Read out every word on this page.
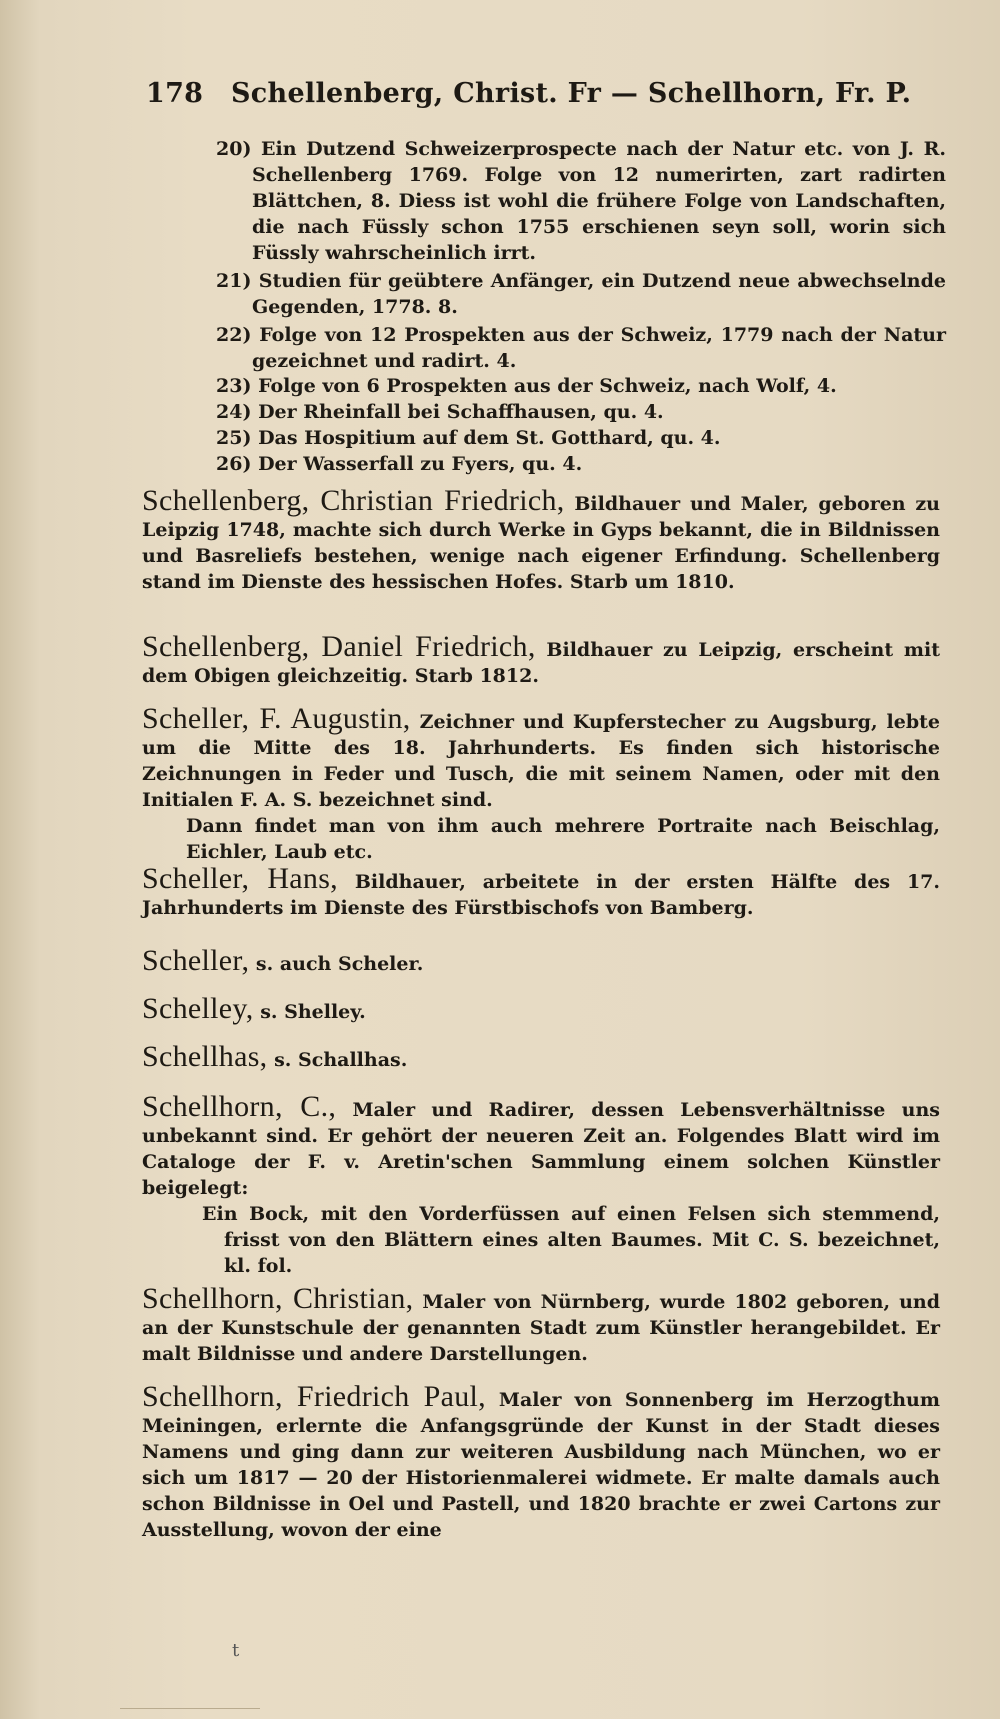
178 Schellenberg, Christ. Fr — Schellhorn, Fr. P.
20) Ein Dutzend Schweizerprospecte nach der Natur etc. von J. R. Schellenberg 1769. Folge von 12 numerirten, zart radirten Blättchen, 8. Diess ist wohl die frühere Folge von Landschaften, die nach Füssly schon 1755 erschienen seyn soll, worin sich Füssly wahrscheinlich irrt.
21) Studien für geübtere Anfänger, ein Dutzend neue abwechselnde Gegenden, 1778. 8.
22) Folge von 12 Prospekten aus der Schweiz, 1779 nach der Natur gezeichnet und radirt. 4.
23) Folge von 6 Prospekten aus der Schweiz, nach Wolf, 4.
24) Der Rheinfall bei Schaffhausen, qu. 4.
25) Das Hospitium auf dem St. Gotthard, qu. 4.
26) Der Wasserfall zu Fyers, qu. 4.
Schellenberg, Christian Friedrich, Bildhauer und Maler, geboren zu Leipzig 1748, machte sich durch Werke in Gyps bekannt, die in Bildnissen und Basreliefs bestehen, wenige nach eigener Erfindung. Schellenberg stand im Dienste des hessischen Hofes. Starb um 1810.
Schellenberg, Daniel Friedrich, Bildhauer zu Leipzig, erscheint mit dem Obigen gleichzeitig. Starb 1812.
Scheller, F. Augustin, Zeichner und Kupferstecher zu Augsburg, lebte um die Mitte des 18. Jahrhunderts. Es finden sich historische Zeichnungen in Feder und Tusch, die mit seinem Namen, oder mit den Initialen F. A. S. bezeichnet sind.
Dann findet man von ihm auch mehrere Portraite nach Beischlag, Eichler, Laub etc.
Scheller, Hans, Bildhauer, arbeitete in der ersten Hälfte des 17. Jahrhunderts im Dienste des Fürstbischofs von Bamberg.
Scheller, s. auch Scheler.
Schelley, s. Shelley.
Schellhas, s. Schallhas.
Schellhorn, C., Maler und Radirer, dessen Lebensverhältnisse uns unbekannt sind. Er gehört der neueren Zeit an. Folgendes Blatt wird im Cataloge der F. v. Aretin'schen Sammlung einem solchen Künstler beigelegt:
Ein Bock, mit den Vorderfüssen auf einen Felsen sich stemmend, frisst von den Blättern eines alten Baumes. Mit C. S. bezeichnet, kl. fol.
Schellhorn, Christian, Maler von Nürnberg, wurde 1802 geboren, und an der Kunstschule der genannten Stadt zum Künstler herangebildet. Er malt Bildnisse und andere Darstellungen.
Schellhorn, Friedrich Paul, Maler von Sonnenberg im Herzogthum Meiningen, erlernte die Anfangsgründe der Kunst in der Stadt dieses Namens und ging dann zur weiteren Ausbildung nach München, wo er sich um 1817 — 20 der Historienmalerei widmete. Er malte damals auch schon Bildnisse in Oel und Pastell, und 1820 brachte er zwei Cartons zur Ausstellung, wovon der eine
t
